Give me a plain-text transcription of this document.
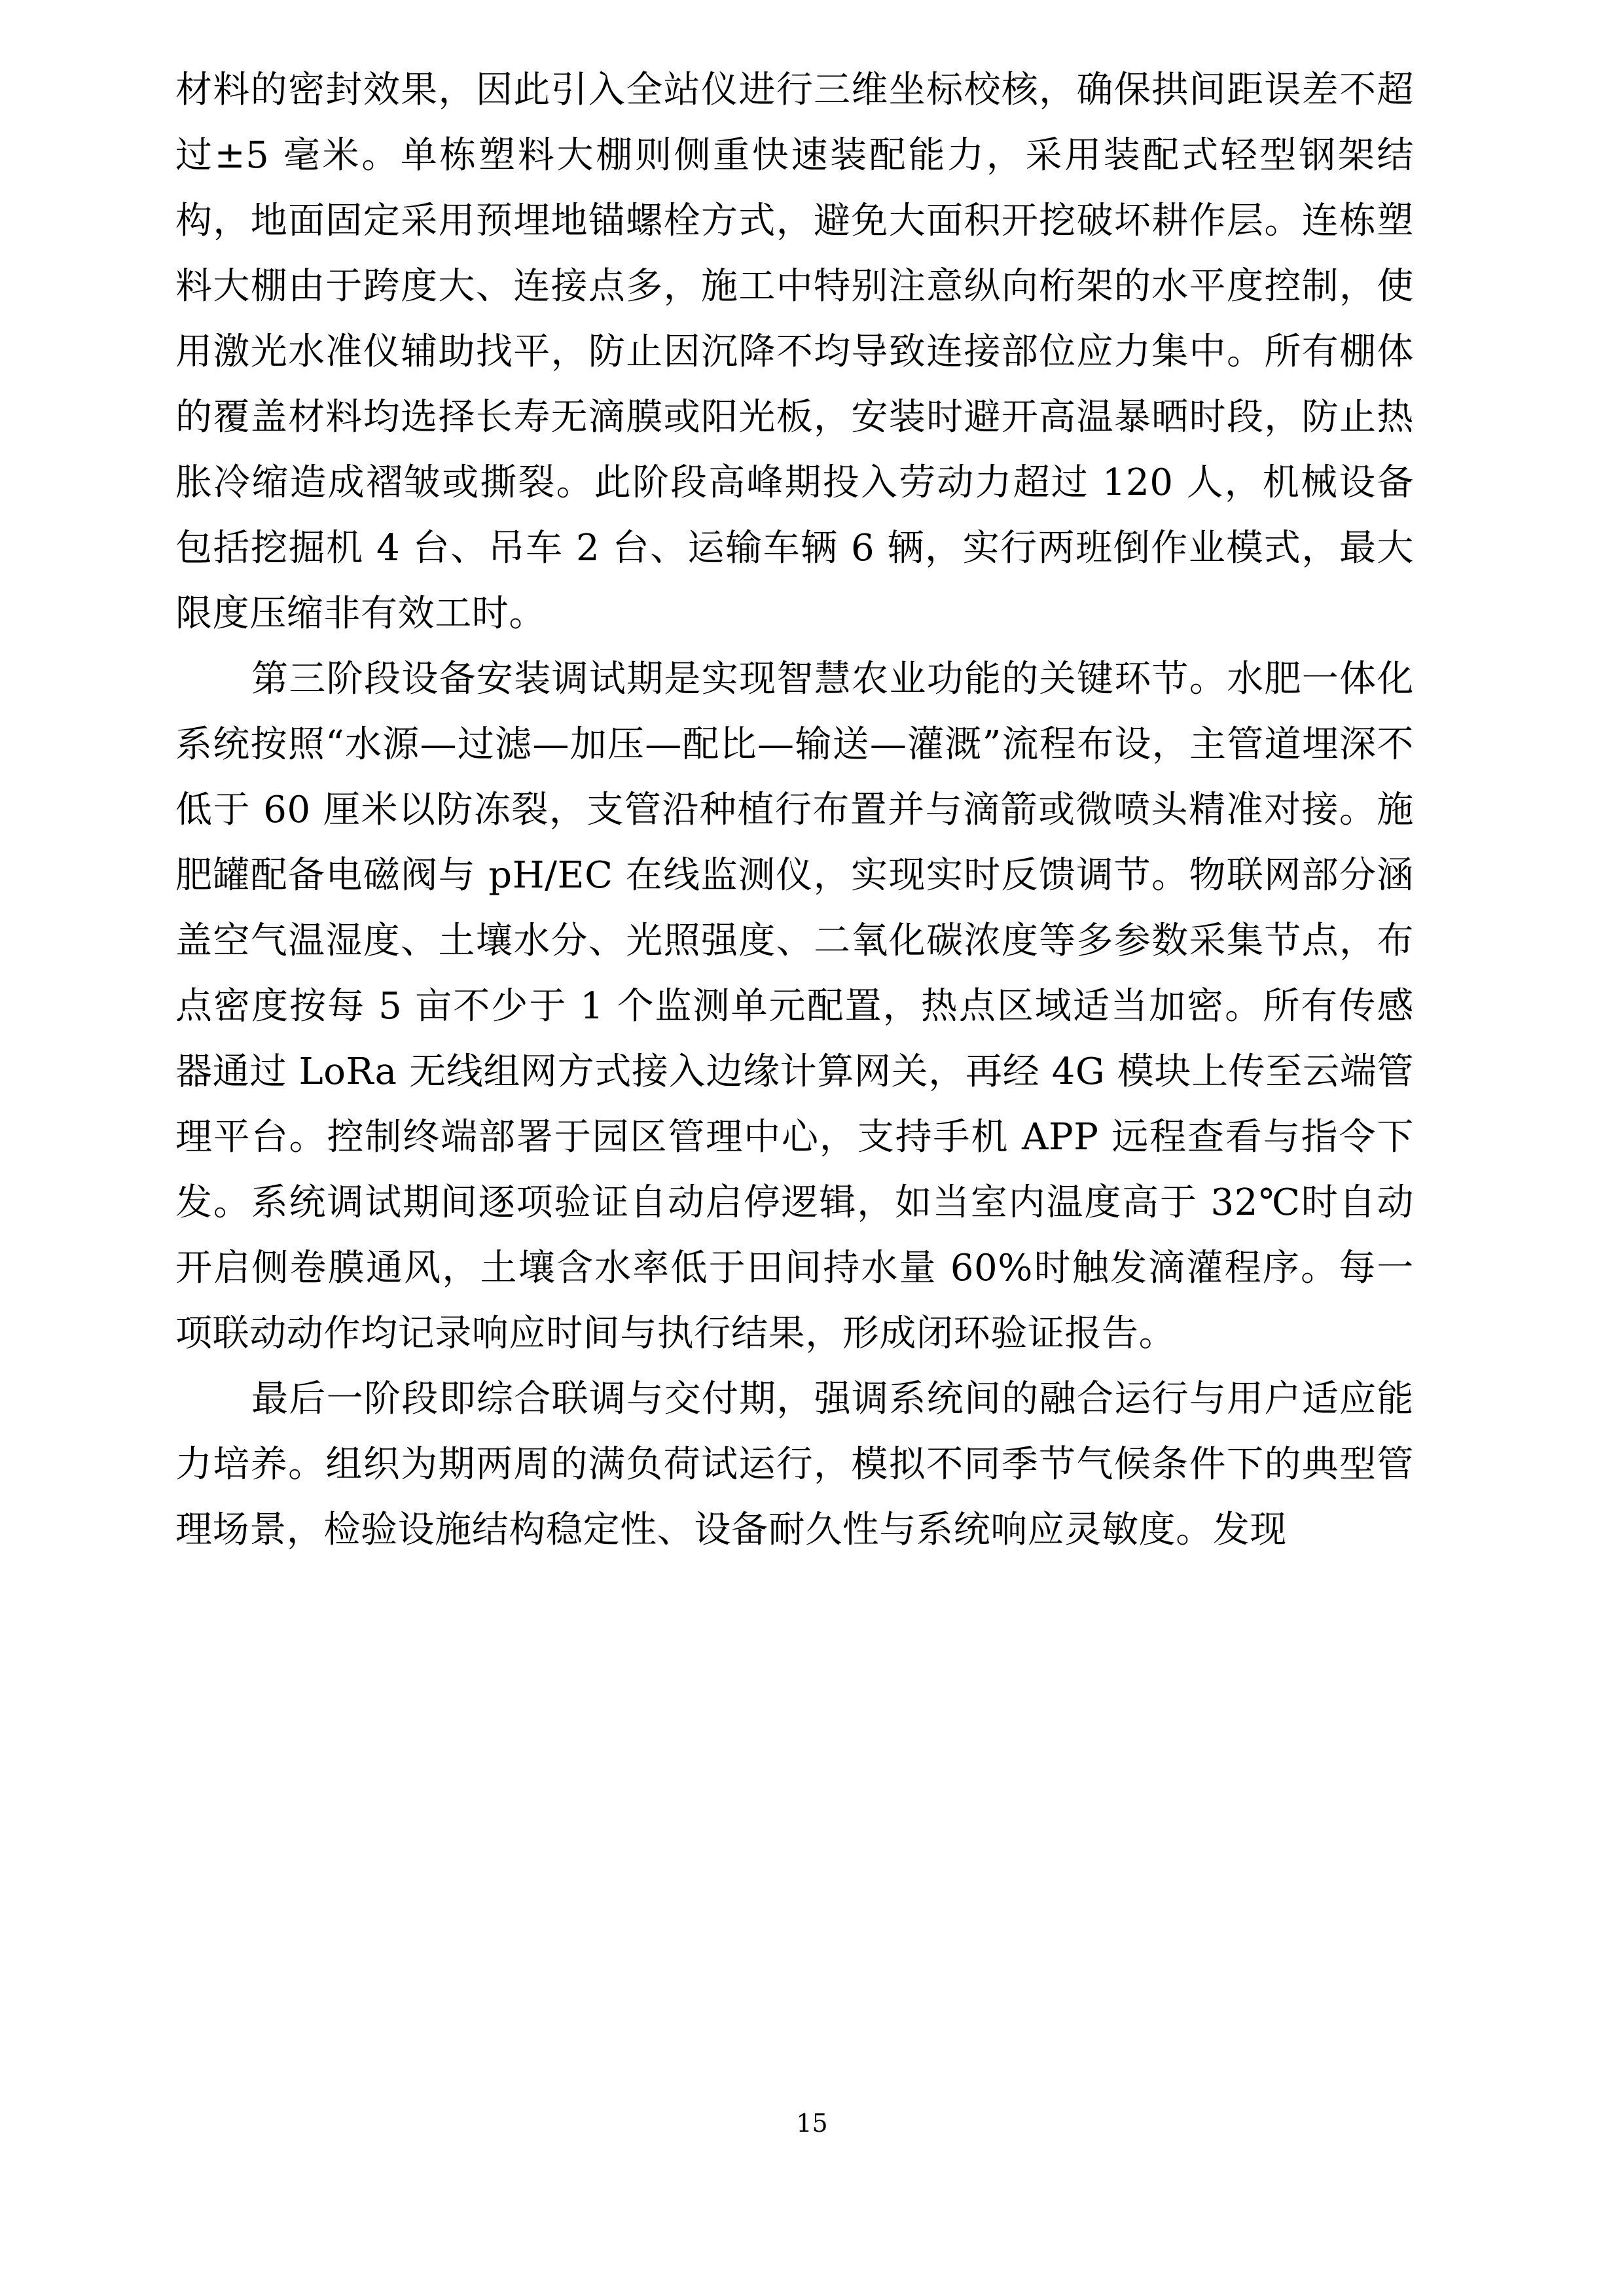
材料的密封效果，因此引入全站仪进行三维坐标校核，确保拱间距误差不超过±5 毫米。单栋塑料大棚则侧重快速装配能力，采用装配式轻型钢架结构，地面固定采用预埋地锚螺栓方式，避免大面积开挖破坏耕作层。连栋塑料大棚由于跨度大、连接点多，施工中特别注意纵向桁架的水平度控制，使用激光水准仪辅助找平，防止因沉降不均导致连接部位应力集中。所有棚体的覆盖材料均选择长寿无滴膜或阳光板，安装时避开高温暴晒时段，防止热胀冷缩造成褶皱或撕裂。此阶段高峰期投入劳动力超过 120 人，机械设备包括挖掘机 4 台、吊车 2 台、运输车辆 6 辆，实行两班倒作业模式，最大限度压缩非有效工时。

第三阶段设备安装调试期是实现智慧农业功能的关键环节。水肥一体化系统按照“水源—过滤—加压—配比—输送—灌溉”流程布设，主管道埋深不低于 60 厘米以防冻裂，支管沿种植行布置并与滴箭或微喷头精准对接。施肥罐配备电磁阀与 pH/EC 在线监测仪，实现实时反馈调节。物联网部分涵盖空气温湿度、土壤水分、光照强度、二氧化碳浓度等多参数采集节点，布点密度按每 5 亩不少于 1 个监测单元配置，热点区域适当加密。所有传感器通过 LoRa 无线组网方式接入边缘计算网关，再经 4G 模块上传至云端管理平台。控制终端部署于园区管理中心，支持手机 APP 远程查看与指令下发。系统调试期间逐项验证自动启停逻辑，如当室内温度高于 32℃时自动开启侧卷膜通风，土壤含水率低于田间持水量 60%时触发滴灌程序。每一项联动动作均记录响应时间与执行结果，形成闭环验证报告。

最后一阶段即综合联调与交付期，强调系统间的融合运行与用户适应能力培养。组织为期两周的满负荷试运行，模拟不同季节气候条件下的典型管理场景，检验设施结构稳定性、设备耐久性与系统响应灵敏度。发现

15
